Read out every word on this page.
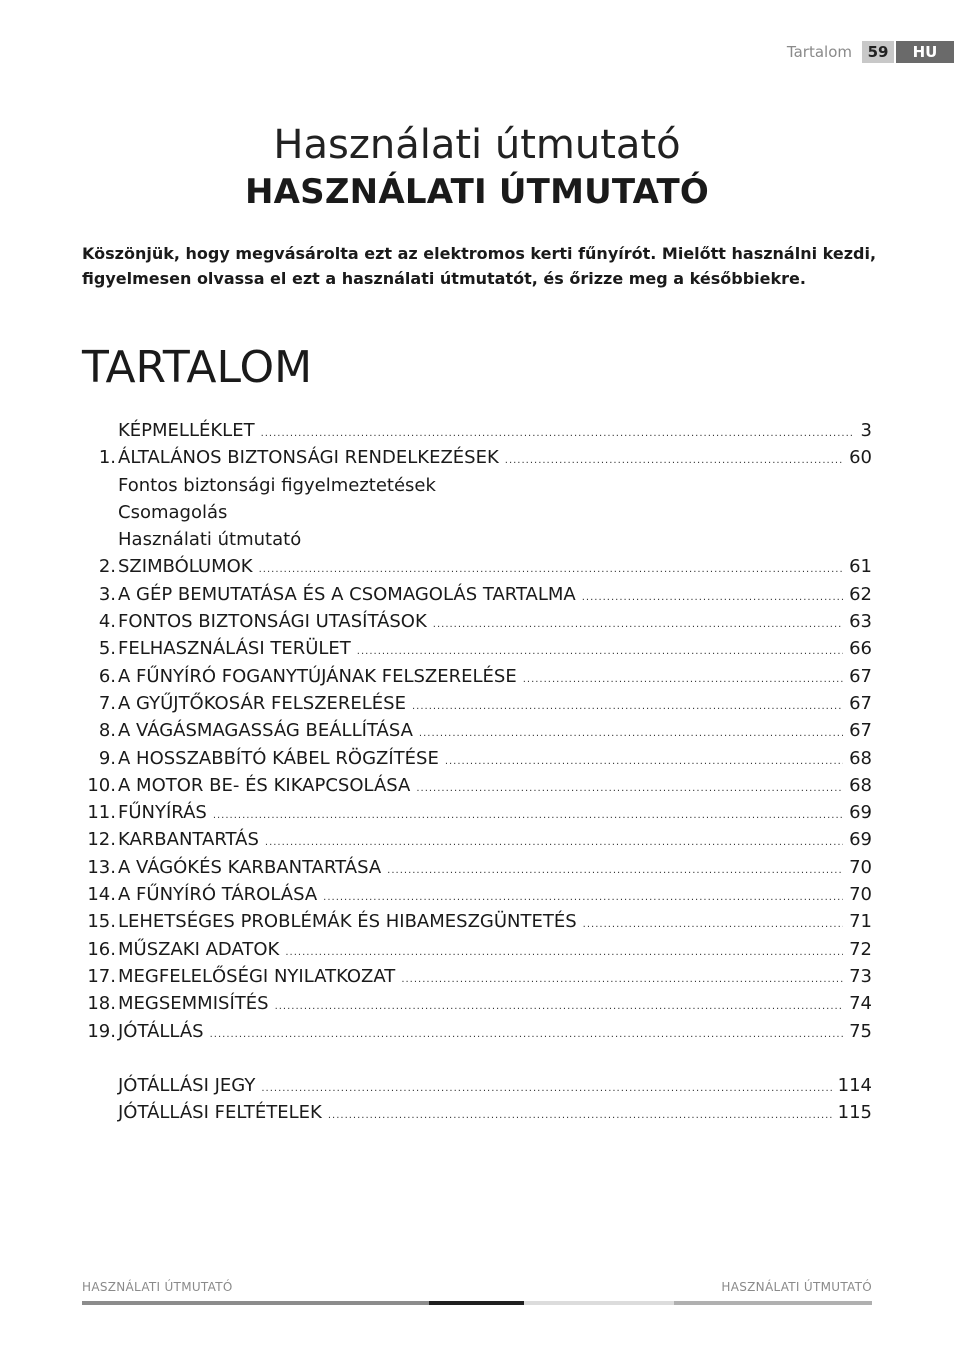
Tartalom	59	HU
Használati útmutató
HASZNÁLATI ÚTMUTATÓ
Köszönjük, hogy megvásárolta ezt az elektromos kerti fűnyírót. Mielőtt használni kezdi, figyelmesen olvassa el ezt a használati útmutatót, és őrizze meg a későbbiekre.
TARTALOM
KÉPMELLÉKLET .....	3
1. ÁLTALÁNOS BIZTONSÁGI RENDELKEZÉSEK .....	60
Fontos biztonsági figyelmeztetések
Csomagolás
Használati útmutató
2. SZIMBÓLUMOK .....	61
3. A GÉP BEMUTATÁSA ÉS A CSOMAGOLÁS TARTALMA .....	62
4. FONTOS BIZTONSÁGI UTASÍTÁSOK .....	63
5. FELHASZNÁLÁSI TERÜLET .....	66
6. A FŰNYÍRÓ FOGANYTÚJÁNAK FELSZERELÉSE .....	67
7. A GYŰJTŐKOSÁR FELSZERELÉSE .....	67
8. A VÁGÁSMAGASSÁG BEÁLLÍTÁSA .....	67
9. A HOSSZABBÍTÓ KÁBEL RÖGZÍTÉSE .....	68
10. A MOTOR BE- ÉS KIKAPCSOLÁSA .....	68
11. FŰNYÍRÁS .....	69
12. KARBANTARTÁS .....	69
13. A VÁGÓKÉS KARBANTARTÁSA .....	70
14. A FŰNYÍRÓ TÁROLÁSA .....	70
15. LEHETSÉGES PROBLÉMÁK ÉS HIBAMESZGÜNTETÉS .....	71
16. MŰSZAKI ADATOK .....	72
17. MEGFELELŐSÉGI NYILATKOZAT .....	73
18. MEGSEMMISÍTÉS .....	74
19. JÓTÁLLÁS .....	75
JÓTÁLLÁSI JEGY .....	114
JÓTÁLLÁSI FELTÉTELEK .....	115
HASZNÁLATI ÚTMUTATÓ	HASZNÁLATI ÚTMUTATÓ
